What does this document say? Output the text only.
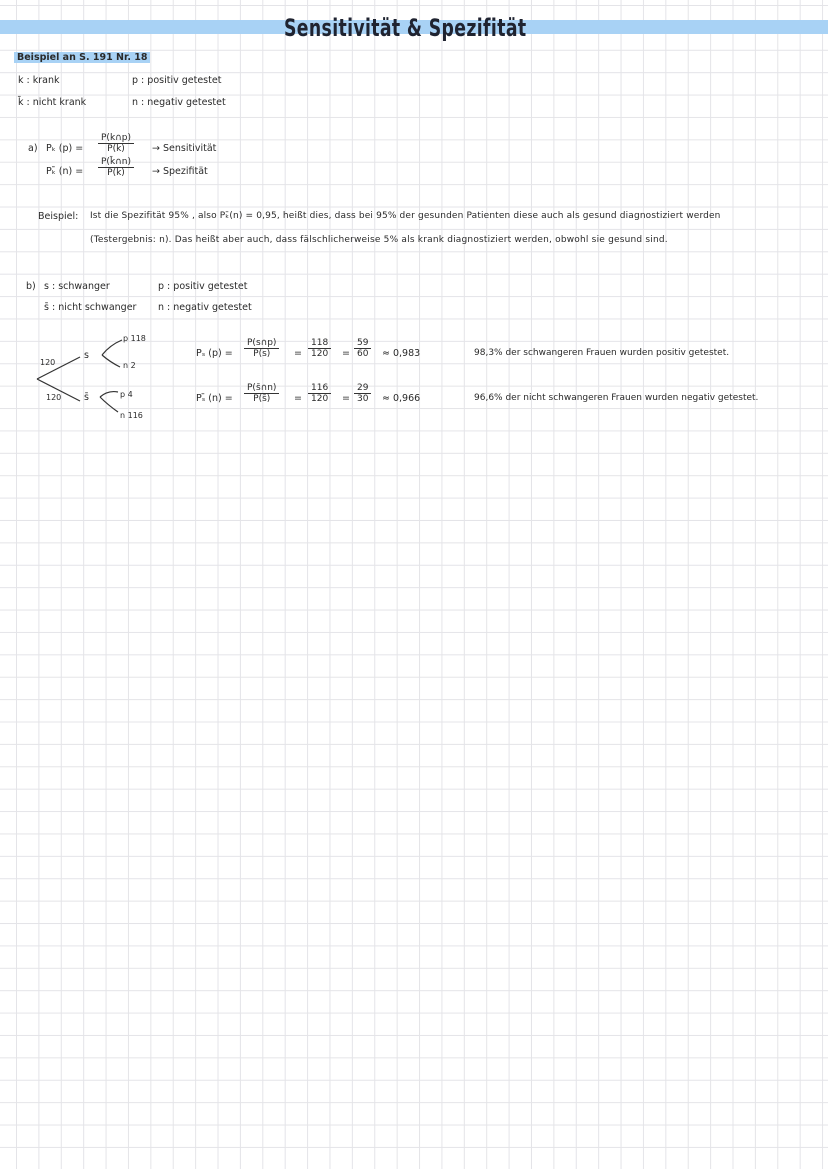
Sensitivität & Spezifität
Beispiel an S. 191 Nr. 18
k : krank
k̄ : nicht krank
p : positiv getestet
n : negativ getestet
a) Pₖ $(p) = \frac{P(k\cap p)}{P(k)}$ → Sensitivität
Pₖ̄ $(n) = \frac{P(k̄\cap n)}{P(k̄)}$ → Spezifität
Beispiel: Ist die Spezifität 95% , also Pₖ̄(n) = 0,95, heißt dies, dass bei 95% der gesunden Patienten diese auch als gesund diagnostiziert werden
(Testergebnis: n). Das heißt aber auch, dass fälschlicherweise 5% als krank diagnostiziert werden, obwohl sie gesund sind.
b) s : schwanger
s̄ : nicht schwanger
p : positiv getestet
n : negativ getestet
120
s
120 s̄
p 118
n 2
p 4
n 116
Pₛ $(p) = \frac{P(s\cap p)}{P(s)} = \frac{118}{120} = \frac{59}{60} \approx 0,983$	98,3% der schwangeren Frauen wurden positiv getestet.
Pₛ̄ $(n) = \frac{P(s̄\cap n)}{P(s̄)} = \frac{116}{120} = \frac{29}{30} \approx 0,966$	96,6% der nicht schwangeren Frauen wurden negativ getestet.
